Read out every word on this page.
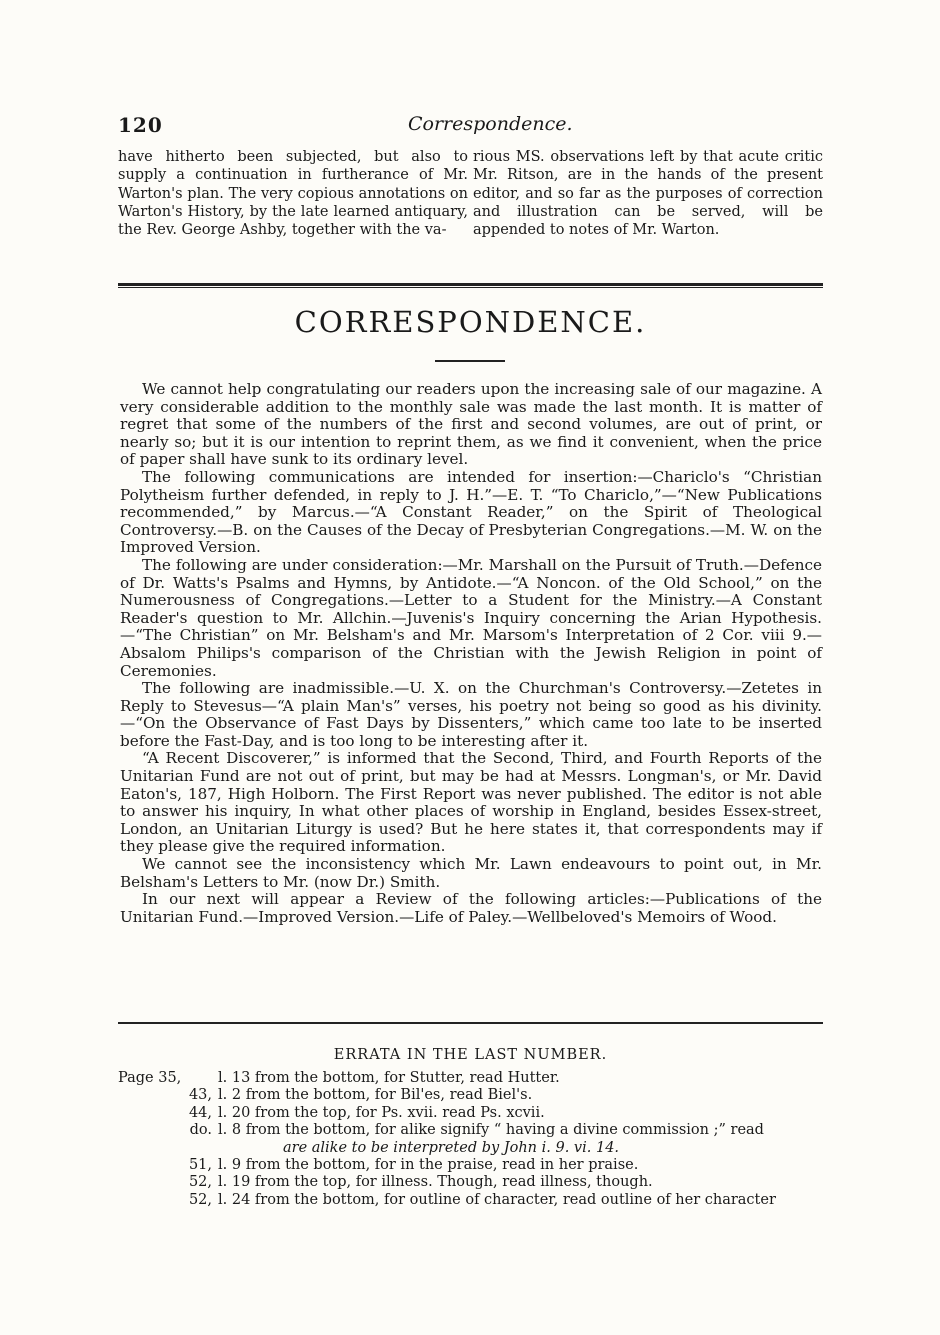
120	Correspondence.
have hitherto been subjected, but also to supply a continuation in furtherance of Mr. Warton's plan. The very copious annotations on Warton's History, by the late learned antiquary, the Rev. George Ashby, together with the va-
rious MS. observations left by that acute critic Mr. Ritson, are in the hands of the present editor, and so far as the purposes of correction and illustration can be served, will be appended to notes of Mr. Warton.
CORRESPONDENCE.

We cannot help congratulating our readers upon the increasing sale of our magazine. A very considerable addition to the monthly sale was made the last month. It is matter of regret that some of the numbers of the first and second volumes, are out of print, or nearly so; but it is our intention to reprint them, as we find it convenient, when the price of paper shall have sunk to its ordinary level.

The following communications are intended for insertion:—Chariclo's “Christian Polytheism further defended, in reply to J. H.”—E. T. “To Chariclo,”—“New Publications recommended,” by Marcus.—“A Constant Reader,” on the Spirit of Theological Controversy.—B. on the Causes of the Decay of Presbyterian Congregations.—M. W. on the Improved Version.

The following are under consideration:—Mr. Marshall on the Pursuit of Truth.—Defence of Dr. Watts's Psalms and Hymns, by Antidote.—“A Noncon. of the Old School,” on the Numerousness of Congregations.—Letter to a Student for the Ministry.—A Constant Reader's question to Mr. Allchin.—Juvenis's Inquiry concerning the Arian Hypothesis.—“The Christian” on Mr. Belsham's and Mr. Marsom's Interpretation of 2 Cor. viii 9.—Absalom Philips's comparison of the Christian with the Jewish Religion in point of Ceremonies.

The following are inadmissible.—U. X. on the Churchman's Controversy.—Zetetes in Reply to Stevesus—“A plain Man's” verses, his poetry not being so good as his divinity.—“On the Observance of Fast Days by Dissenters,” which came too late to be inserted before the Fast-Day, and is too long to be interesting after it.

“A Recent Discoverer,” is informed that the Second, Third, and Fourth Reports of the Unitarian Fund are not out of print, but may be had at Messrs. Longman's, or Mr. David Eaton's, 187, High Holborn. The First Report was never published. The editor is not able to answer his inquiry, In what other places of worship in England, besides Essex-street, London, an Unitarian Liturgy is used? But he here states it, that correspondents may if they please give the required information.

We cannot see the inconsistency which Mr. Lawn endeavours to point out, in Mr. Belsham's Letters to Mr. (now Dr.) Smith.

In our next will appear a Review of the following articles:—Publications of the Unitarian Fund.—Improved Version.—Life of Paley.—Wellbeloved's Memoirs of Wood.

ERRATA IN THE LAST NUMBER.
Page 35,	l. 13 from the bottom, for Stutter, read Hutter.
43, l. 2 from the bottom, for Bil'es, read Biel's.
44, l. 20 from the top, for Ps. xvii. read Ps. xcvii.
do. l. 8 from the bottom, for alike signify “ having a divine commission ;” read
are alike to be interpreted by John i. 9. vi. 14.
51, l. 9 from the bottom, for in the praise, read in her praise.
52, l. 19 from the top, for illness. Though, read illness, though.
52, l. 24 from the bottom, for outline of character, read outline of her character
